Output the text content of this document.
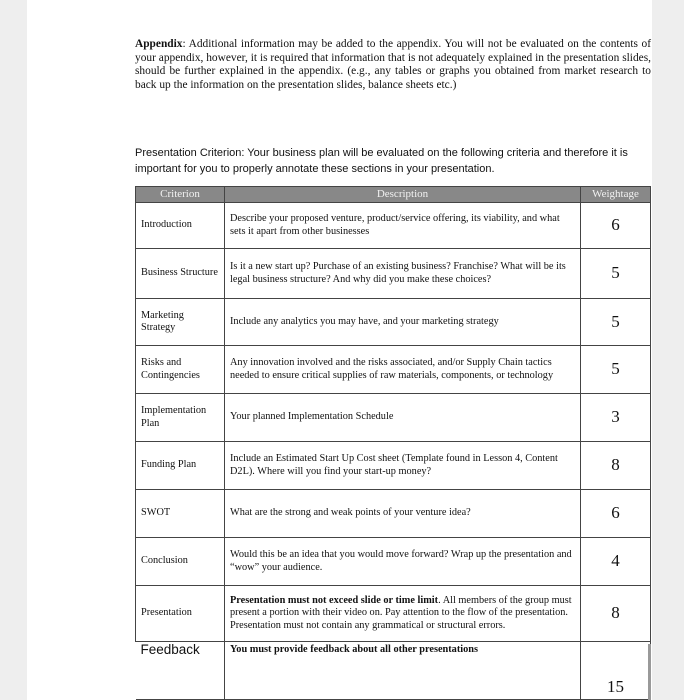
Appendix: Additional information may be added to the appendix. You will not be evaluated on the contents of your appendix, however, it is required that information that is not adequately explained in the presentation slides, should be further explained in the appendix. (e.g., any tables or graphs you obtained from market research to back up the information on the presentation slides, balance sheets etc.)
Presentation Criterion: Your business plan will be evaluated on the following criteria and therefore it is important for you to properly annotate these sections in your presentation.
Criterion	Description	Weightage
Introduction	Describe your proposed venture, product/service offering, its viability, and what sets it apart from other businesses	6
Business Structure	Is it a new start up? Purchase of an existing business? Franchise? What will be its legal business structure? And why did you make these choices?	5
Marketing Strategy	Include any analytics you may have, and your marketing strategy	5
Risks and Contingencies	Any innovation involved and the risks associated, and/or Supply Chain tactics needed to ensure critical supplies of raw materials, components, or technology	5
Implementation Plan	Your planned Implementation Schedule	3
Funding Plan	Include an Estimated Start Up Cost sheet (Template found in Lesson 4, Content D2L). Where will you find your start-up money?	8
SWOT	What are the strong and weak points of your venture idea?	6
Conclusion	Would this be an idea that you would move forward? Wrap up the presentation and “wow” your audience.	4
Presentation	Presentation must not exceed slide or time limit. All members of the group must present a portion with their video on. Pay attention to the flow of the presentation. Presentation must not contain any grammatical or structural errors.	8
Feedback	You must provide feedback about all other presentations	15
